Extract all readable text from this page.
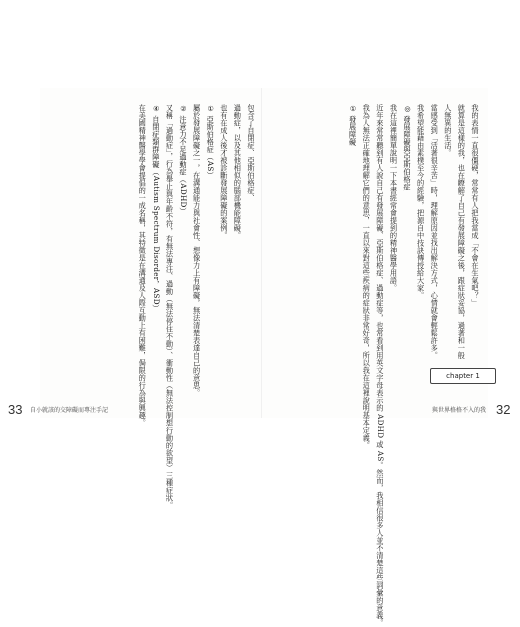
包含了自閉症、亞斯伯格症、

過動症，以及其他相似的腦部機能障礙。

也有在成人後才被診斷發展障礙的案例。

① 亞斯伯格症（AS）

屬於發展障礙之一，在溝通能力與社會性、想像力上有障礙，無法清楚表達自己的意思。

② 注意力不足過動症（ADHD）

又稱「過動症」，行為舉止與年齡不符，有無法專注、過動（無法停住不動）、衝動性（無法控制想行動的欲望）三種症狀。

④ 自閉症類群障礙（Autism Spectrum Disorder，ASD）

在美國精神醫學學會提倡的一成名稱，其特徵是在溝通及人際互動上有困難，侷限的行為與興趣。	我的表情一直很僵硬，常常有人把我當成「不會在生氣吧？」

就算是這樣的我，也在瞭解了自己有發展障礙之後，跟症狀妥協，過著和一般

人無異的生活。

當感受到「活著很辛苦」時，理解原因並找出解決方式，心情就會輕鬆許多。

我希望能藉由素樸至今的經驗，把源自中技訣傳授給大家。

◎ 發展障礙與亞斯伯格症

我在這裡簡單說明一下本書經常會提到的精神醫學用語。

近年來常常聽到有人說自己有發展障礙、亞斯伯格症、過動症等，也常看到用英文字母表示的 ADHD 或 AS。然而，我相信很多人並不清楚這些詞彙的意義。

我為人無法正確地理解它們的意思，一直以來對這些疾病的症狀非常好奇，所以我在這裡說明基本定義。

① 發展障礙

chapter 1
33 自小就該的交障礙而專注手記	與世界格格不入的我 32
